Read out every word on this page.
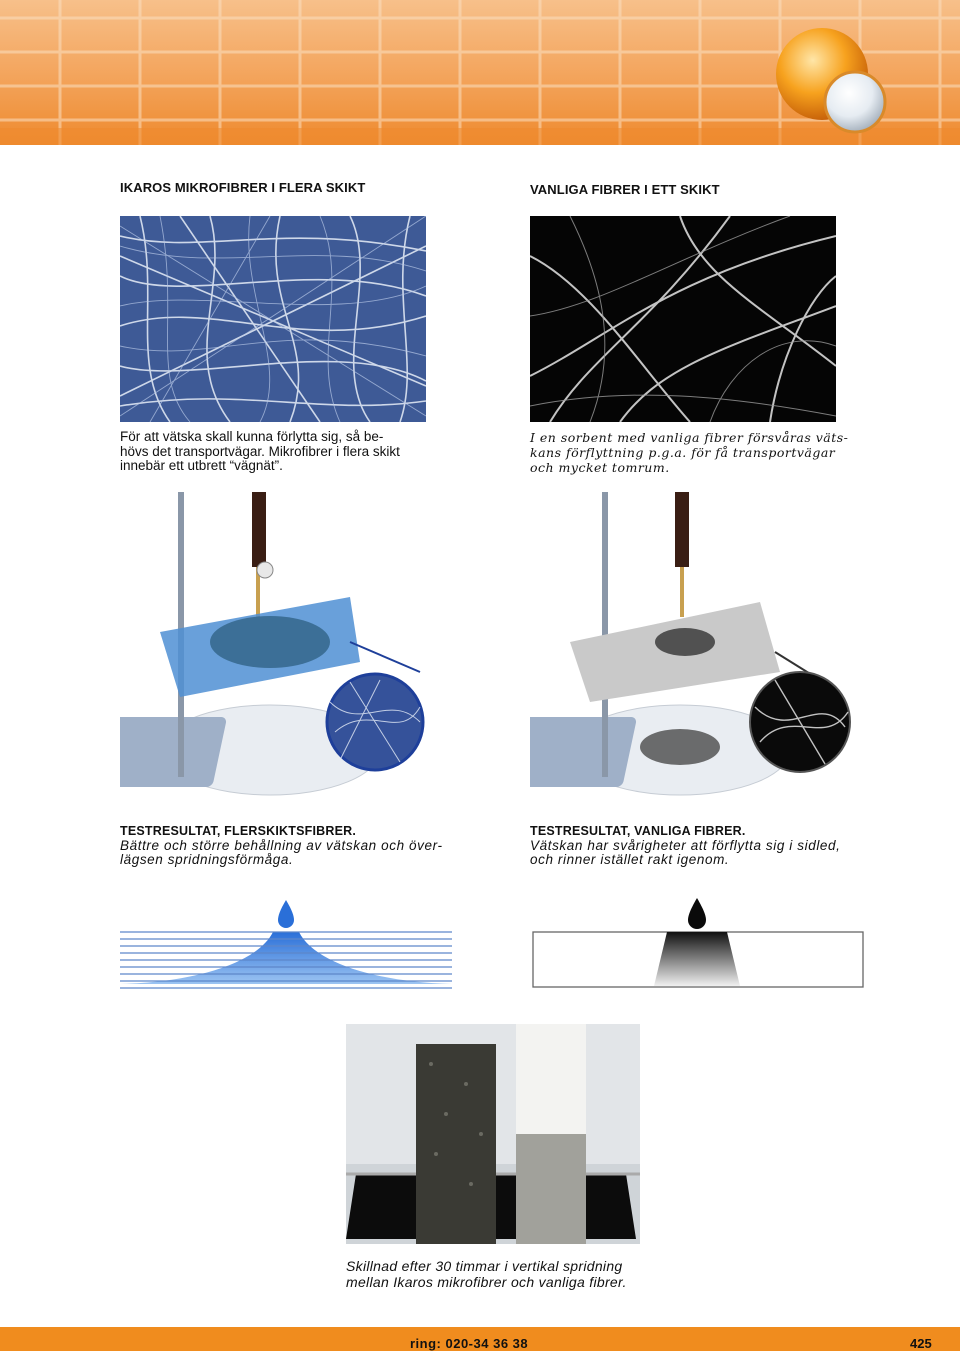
IKAROS MIKROFIBRER I FLERA SKIKT
För att vätska skall kunna förlytta sig, så be-
hövs det transportvägar. Mikrofibrer i flera skikt
innebär ett utbrett “vägnät”.
VANLIGA FIBRER I ETT SKIKT
I en sorbent med vanliga fibrer försvåras väts-
kans förflyttning p.g.a. för få transportvägar
och mycket tomrum.
TESTRESULTAT, FLERSKIKTSFIBRER.
Bättre och större behållning av vätskan och över-
lägsen spridningsförmåga.
TESTRESULTAT, VANLIGA FIBRER.
Vätskan har svårigheter att förflytta sig i sidled,
och rinner istället rakt igenom.
Skillnad efter 30 timmar i vertikal spridning
mellan Ikaros mikrofibrer och vanliga fibrer.
ring: 020-34 36 38	425
